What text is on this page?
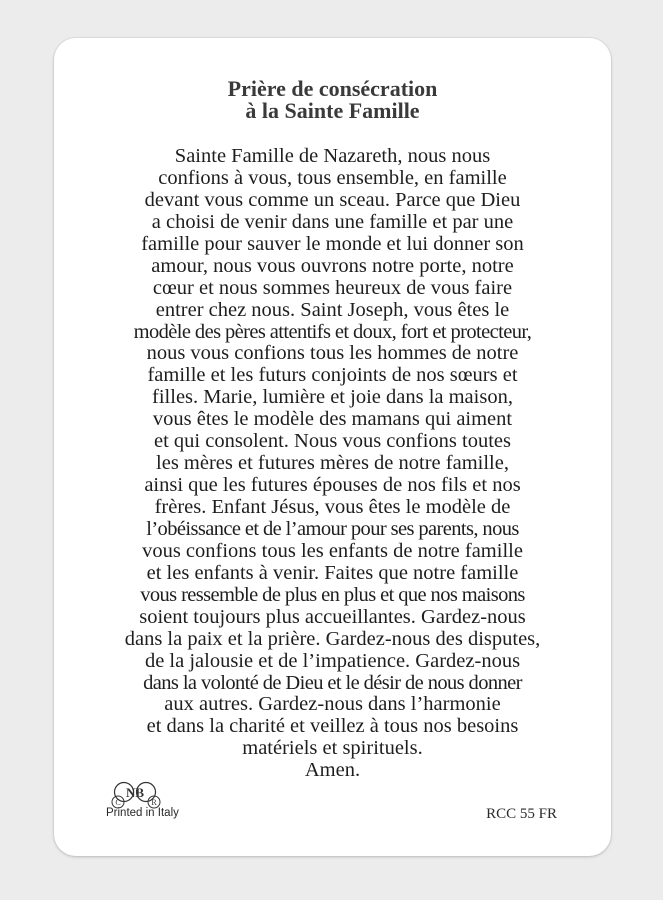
Prière de consécration
à la Sainte Famille
Sainte Famille de Nazareth, nous nous
confions à vous, tous ensemble, en famille
devant vous comme un sceau. Parce que Dieu
a choisi de venir dans une famille et par une
famille pour sauver le monde et lui donner son
amour, nous vous ouvrons notre porte, notre
cœur et nous sommes heureux de vous faire
entrer chez nous. Saint Joseph, vous êtes le
modèle des pères attentifs et doux, fort et protecteur,
nous vous confions tous les hommes de notre
famille et les futurs conjoints de nos sœurs et
filles. Marie, lumière et joie dans la maison,
vous êtes le modèle des mamans qui aiment
et qui consolent. Nous vous confions toutes
les mères et futures mères de notre famille,
ainsi que les futures épouses de nos fils et nos
frères. Enfant Jésus, vous êtes le modèle de
l’obéissance et de l’amour pour ses parents, nous
vous confions tous les enfants de notre famille
et les enfants à venir. Faites que notre famille
vous ressemble de plus en plus et que nos maisons
soient toujours plus accueillantes. Gardez-nous
dans la paix et la prière. Gardez-nous des disputes,
de la jalousie et de l’impatience. Gardez-nous
dans la volonté de Dieu et le désir de nous donner
aux autres. Gardez-nous dans l’harmonie
et dans la charité et veillez à tous nos besoins
matériels et spirituels.
Amen.
C	R
NB
Printed in Italy	RCC 55 FR
